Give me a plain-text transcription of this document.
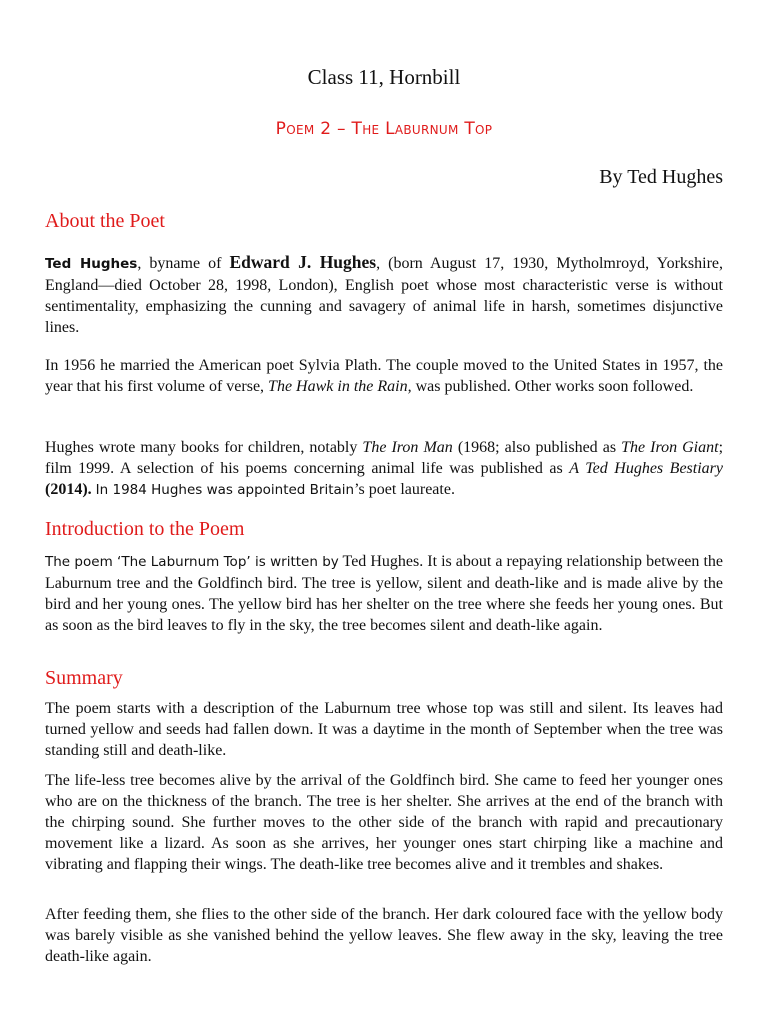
Class 11, Hornbill
Poem 2 – The Laburnum Top
By Ted Hughes
About the Poet

Ted Hughes, byname of Edward J. Hughes, (born August 17, 1930, Mytholmroyd, Yorkshire, England—died October 28, 1998, London), English poet whose most characteristic verse is without sentimentality, emphasizing the cunning and savagery of animal life in harsh, sometimes disjunctive lines.

In 1956 he married the American poet Sylvia Plath. The couple moved to the United States in 1957, the year that his first volume of verse, The Hawk in the Rain, was published. Other works soon followed.

Hughes wrote many books for children, notably The Iron Man (1968; also published as The Iron Giant; film 1999. A selection of his poems concerning animal life was published as A Ted Hughes Bestiary (2014). In 1984 Hughes was appointed Britain’s poet laureate.

Introduction to the Poem

The poem ‘The Laburnum Top’ is written by Ted Hughes. It is about a repaying relationship between the Laburnum tree and the Goldfinch bird. The tree is yellow, silent and death-like and is made alive by the bird and her young ones. The yellow bird has her shelter on the tree where she feeds her young ones. But as soon as the bird leaves to fly in the sky, the tree becomes silent and death-like again.

Summary

The poem starts with a description of the Laburnum tree whose top was still and silent. Its leaves had turned yellow and seeds had fallen down. It was a daytime in the month of September when the tree was standing still and death-like.

The life-less tree becomes alive by the arrival of the Goldfinch bird. She came to feed her younger ones who are on the thickness of the branch. The tree is her shelter. She arrives at the end of the branch with the chirping sound. She further moves to the other side of the branch with rapid and precautionary movement like a lizard. As soon as she arrives, her younger ones start chirping like a machine and vibrating and flapping their wings. The death-like tree becomes alive and it trembles and shakes.

After feeding them, she flies to the other side of the branch. Her dark coloured face with the yellow body was barely visible as she vanished behind the yellow leaves. She flew away in the sky, leaving the tree death-like again.
